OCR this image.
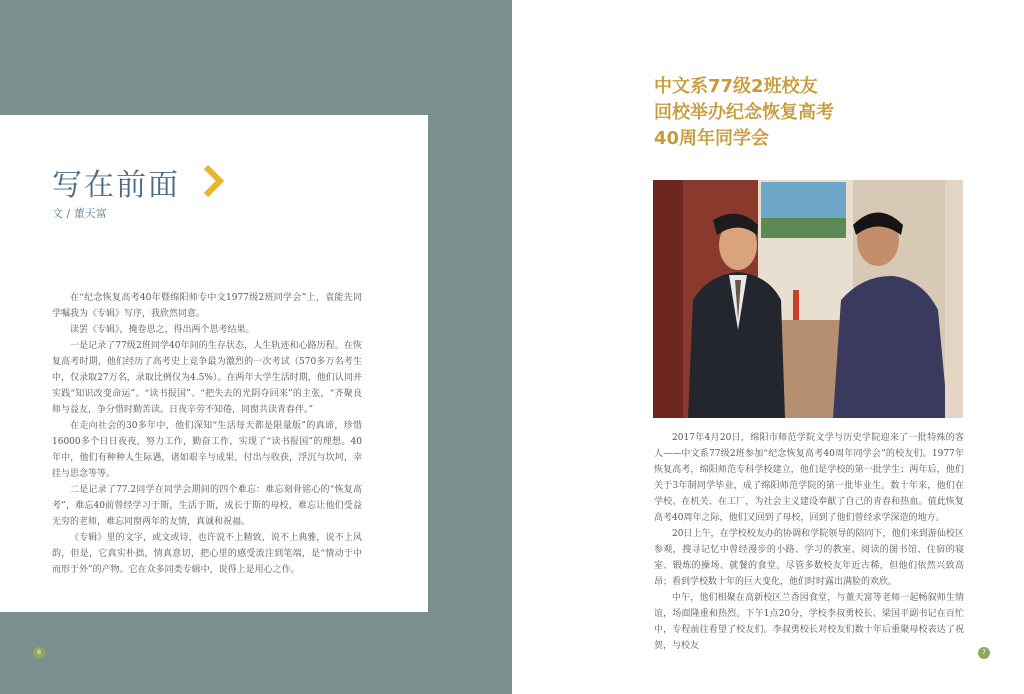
写在前面
文 / 董天富

在“纪念恢复高考40年暨绵阳师专中文1977级2班同学会”上，袁能先同学嘱我为《专辑》写序，我欣然同意。

读罢《专辑》，掩卷思之，得出两个思考结果。

一是记录了77级2班同学40年间的生存状态，人生轨迹和心路历程。在恢复高考时期，他们经历了高考史上竞争最为激烈的一次考试（570多万名考生中，仅录取27万名，录取比例仅为4.5%）。在两年大学生活时期，他们认同并实践“知识改变命运”、“读书报国”、“把失去的光阴夺回来”的主张，“齐聚良师与益友，争分惜时勤苦读。日夜辛劳不知倦，同窗共读青春伴。”

在走向社会的30多年中，他们深知“生活每天都是限量版”的真谛，珍惜16000多个日日夜夜，努力工作，勤奋工作，实现了“读书报国”的理想。40年中，他们有种种人生际遇，诸如艰辛与成果，付出与收获，浮沉与坎坷，幸挂与思念等等。

二是记录了77.2同学在同学会期间的四个难忘：难忘刻骨铭心的“恢复高考”，难忘40前曾经学习于斯，生活于斯，成长于斯的母校，难忘让他们受益无穷的老师，难忘同窗两年的友情，真诚和祝福。

《专辑》里的文字，或文或诗，也许说不上精致，说不上典雅，说不上风韵，但是，它真实朴拙，情真意切，把心里的感受流注到笔端，是“情动于中而形于外”的产物。它在众多同类专辑中，说得上是用心之作。

6
中文系77级2班校友
回校举办纪念恢复高考
40周年同学会

2017年4月20日，绵阳市师范学院文学与历史学院迎来了一批特殊的客人——中文系77级2班参加“纪念恢复高考40周年同学会”的校友们。1977年恢复高考，绵阳师范专科学校建立，他们是学校的第一批学生；两年后，他们关于3年制同学毕业，成了绵阳师范学院的第一批毕业生。数十年来，他们在学校、在机关、在工厂，为社会主义建设奉献了自己的青春和热血。值此恢复高考40周年之际，他们又回到了母校，回到了他们曾经求学深造的地方。

20日上午，在学校校友办的协调和学院领导的陪同下，他们来到游仙校区参观，搜寻记忆中曾经漫步的小路、学习的教室、阅读的图书馆、住宿的寝室、锻炼的操场、就餐的食堂。尽管多数校友年近古稀，但他们依然兴致高昂；看到学校数十年的巨大变化，他们时时露出满脸的欢欣。

中午，他们相聚在高新校区兰香园食堂，与董天富等老师一起畅叙师生情谊，场面隆重和热烈。下午1点20分，学校李叔勇校长、梁国平副书记在百忙中，专程前往看望了校友们。李叔勇校长对校友们数十年后重聚母校表达了祝贺，与校友

7
